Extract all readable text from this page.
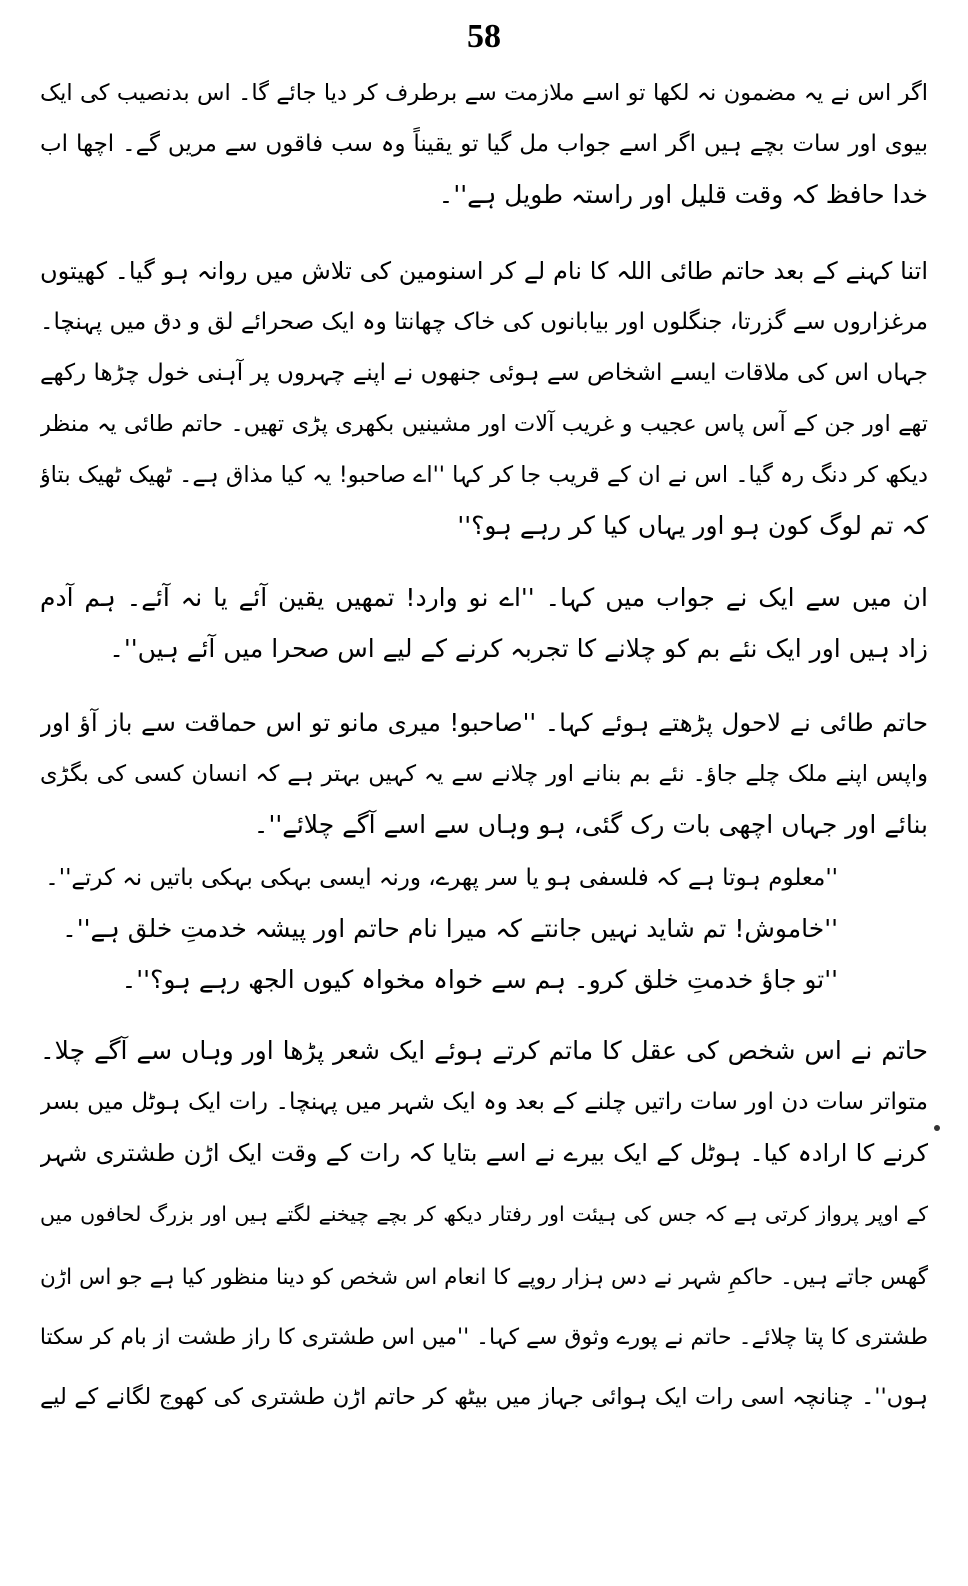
58
اگر اس نے یہ مضمون نہ لکھا تو اسے ملازمت سے برطرف کر دیا جائے گا۔ اس بدنصیب کی ایک
بیوی اور سات بچے ہیں اگر اسے جواب مل گیا تو یقیناً وہ سب فاقوں سے مریں گے۔ اچھا اب
خدا حافظ کہ وقت قلیل اور راستہ طویل ہے''۔
اتنا کہنے کے بعد حاتم طائی اللہ کا نام لے کر اسنومین کی تلاش میں روانہ ہو گیا۔ کھیتوں
مرغزاروں سے گزرتا، جنگلوں اور بیابانوں کی خاک چھانتا وہ ایک صحرائے لق و دق میں پہنچا۔
جہاں اس کی ملاقات ایسے اشخاص سے ہوئی جنھوں نے اپنے چہروں پر آہنی خول چڑھا رکھے
تھے اور جن کے آس پاس عجیب و غریب آلات اور مشینیں بکھری پڑی تھیں۔ حاتم طائی یہ منظر
دیکھ کر دنگ رہ گیا۔ اس نے ان کے قریب جا کر کہا ''اے صاحبو! یہ کیا مذاق ہے۔ ٹھیک ٹھیک بتاؤ
کہ تم لوگ کون ہو اور یہاں کیا کر رہے ہو؟''
ان میں سے ایک نے جواب میں کہا۔ ''اے نو وارد! تمھیں یقین آئے یا نہ آئے۔ ہم آدم
زاد ہیں اور ایک نئے بم کو چلانے کا تجربہ کرنے کے لیے اس صحرا میں آئے ہیں''۔
حاتم طائی نے لاحول پڑھتے ہوئے کہا۔ ''صاحبو! میری مانو تو اس حماقت سے باز آؤ اور
واپس اپنے ملک چلے جاؤ۔ نئے بم بنانے اور چلانے سے یہ کہیں بہتر ہے کہ انسان کسی کی بگڑی
بنائے اور جہاں اچھی بات رک گئی، ہو وہاں سے اسے آگے چلائے''۔
''معلوم ہوتا ہے کہ فلسفی ہو یا سر پھرے، ورنہ ایسی بہکی بہکی باتیں نہ کرتے''۔
''خاموش! تم شاید نہیں جانتے کہ میرا نام حاتم اور پیشہ خدمتِ خلق ہے''۔
''تو جاؤ خدمتِ خلق کرو۔ ہم سے خواہ مخواہ کیوں الجھ رہے ہو؟''۔
حاتم نے اس شخص کی عقل کا ماتم کرتے ہوئے ایک شعر پڑھا اور وہاں سے آگے چلا۔
متواتر سات دن اور سات راتیں چلنے کے بعد وہ ایک شہر میں پہنچا۔ رات ایک ہوٹل میں بسر
کرنے کا ارادہ کیا۔ ہوٹل کے ایک بیرے نے اسے بتایا کہ رات کے وقت ایک اڑن طشتری شہر
کے اوپر پرواز کرتی ہے کہ جس کی ہیئت اور رفتار دیکھ کر بچے چیخنے لگتے ہیں اور بزرگ لحافوں میں
گھس جاتے ہیں۔ حاکمِ شہر نے دس ہزار روپے کا انعام اس شخص کو دینا منظور کیا ہے جو اس اڑن
طشتری کا پتا چلائے۔ حاتم نے پورے وثوق سے کہا۔ ''میں اس طشتری کا راز طشت از بام کر سکتا
ہوں''۔ چنانچہ اسی رات ایک ہوائی جہاز میں بیٹھ کر حاتم اڑن طشتری کی کھوج لگانے کے لیے
